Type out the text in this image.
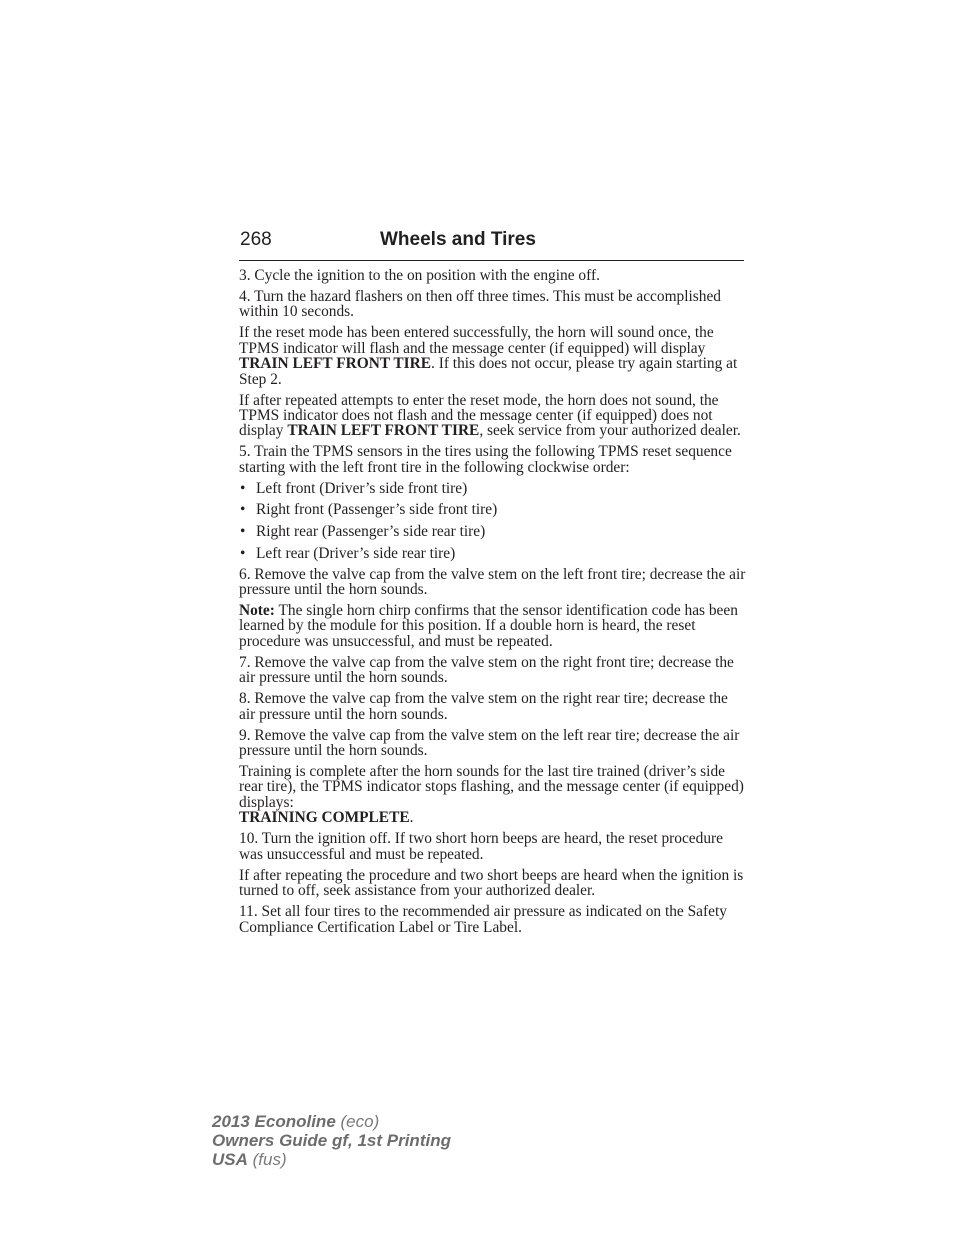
268	Wheels and Tires

3. Cycle the ignition to the on position with the engine off.

4. Turn the hazard flashers on then off three times. This must be accomplished within 10 seconds.

If the reset mode has been entered successfully, the horn will sound once, the TPMS indicator will flash and the message center (if equipped) will display TRAIN LEFT FRONT TIRE. If this does not occur, please try again starting at Step 2.

If after repeated attempts to enter the reset mode, the horn does not sound, the TPMS indicator does not flash and the message center (if equipped) does not display TRAIN LEFT FRONT TIRE, seek service from your authorized dealer.

5. Train the TPMS sensors in the tires using the following TPMS reset sequence starting with the left front tire in the following clockwise order:

• Left front (Driver’s side front tire)
• Right front (Passenger’s side front tire)
• Right rear (Passenger’s side rear tire)
• Left rear (Driver’s side rear tire)

6. Remove the valve cap from the valve stem on the left front tire; decrease the air pressure until the horn sounds.

Note: The single horn chirp confirms that the sensor identification code has been learned by the module for this position. If a double horn is heard, the reset procedure was unsuccessful, and must be repeated.

7. Remove the valve cap from the valve stem on the right front tire; decrease the air pressure until the horn sounds.

8. Remove the valve cap from the valve stem on the right rear tire; decrease the air pressure until the horn sounds.

9. Remove the valve cap from the valve stem on the left rear tire; decrease the air pressure until the horn sounds.

Training is complete after the horn sounds for the last tire trained (driver’s side rear tire), the TPMS indicator stops flashing, and the message center (if equipped) displays:

TRAINING COMPLETE.

10. Turn the ignition off. If two short horn beeps are heard, the reset procedure was unsuccessful and must be repeated.

If after repeating the procedure and two short beeps are heard when the ignition is turned to off, seek assistance from your authorized dealer.

11. Set all four tires to the recommended air pressure as indicated on the Safety Compliance Certification Label or Tire Label.

2013 Econoline (eco)
Owners Guide gf, 1st Printing
USA (fus)
